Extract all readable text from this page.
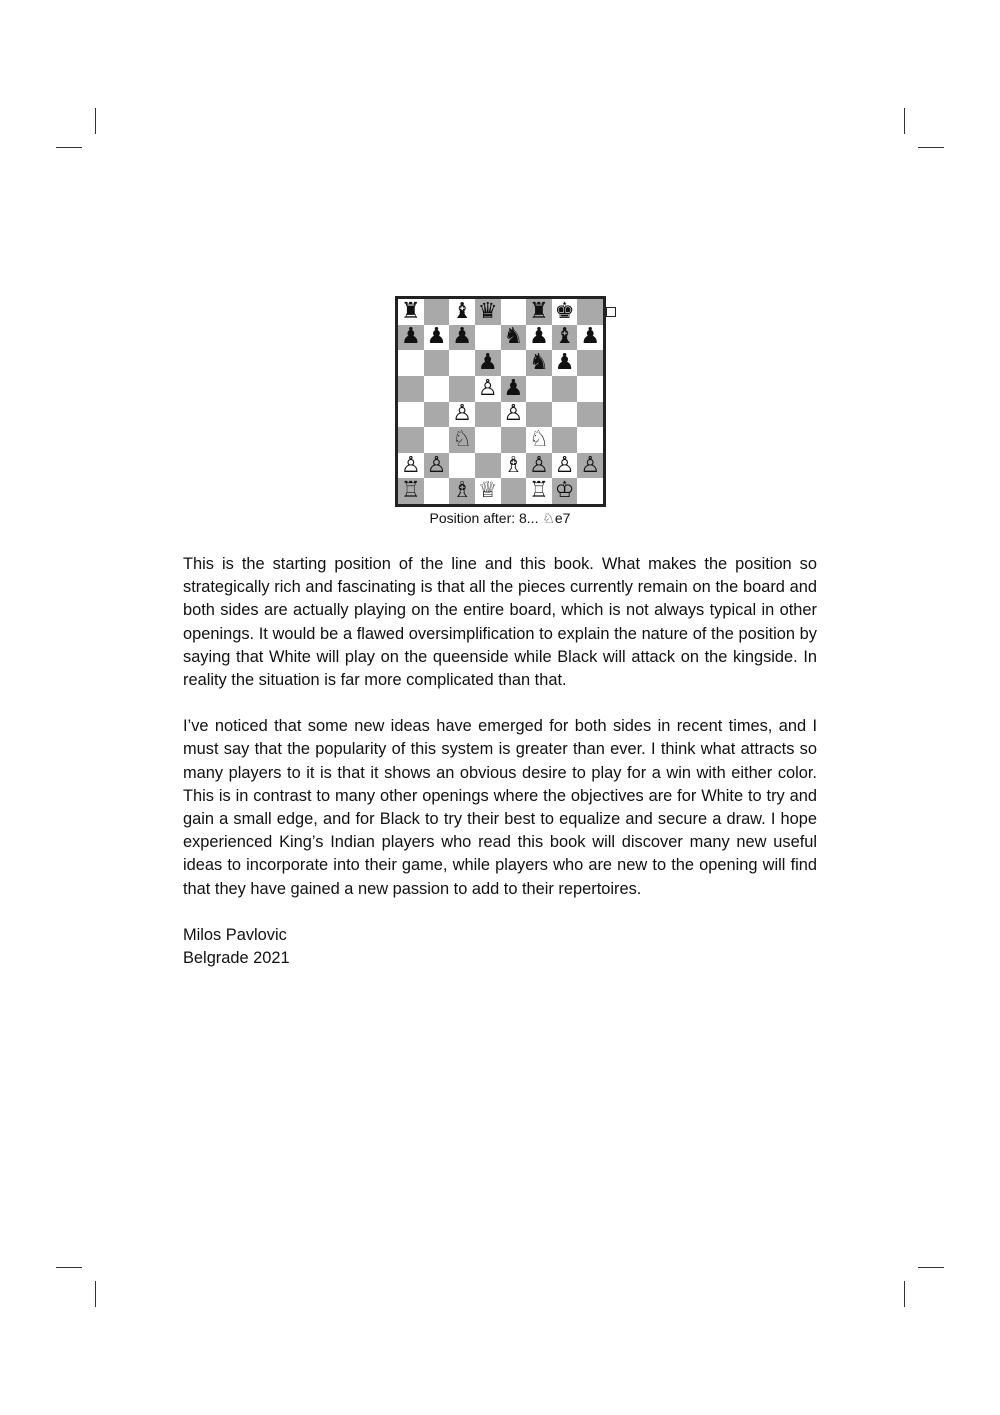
♜ ♝ ♛ ♜ ♚
♟ ♟ ♟ ♞ ♟ ♝ ♟
♟ ♞ ♟
♙ ♟
♙ ♙
♘	♘
♙ ♙	♗ ♙ ♙ ♙
♖ ♗ ♕ ♖ ♔
Position after: 8... ♘e7

This is the starting position of the line and this book. What makes the position so strategically rich and fascinating is that all the pieces currently remain on the board and both sides are actually playing on the entire board, which is not always typical in other openings. It would be a flawed oversimplification to explain the nature of the position by saying that White will play on the queenside while Black will attack on the kingside. In reality the situation is far more complicated than that.

I’ve noticed that some new ideas have emerged for both sides in recent times, and I must say that the popularity of this system is greater than ever. I think what attracts so many players to it is that it shows an obvious desire to play for a win with either color. This is in contrast to many other openings where the objectives are for White to try and gain a small edge, and for Black to try their best to equalize and secure a draw. I hope experienced King’s Indian players who read this book will discover many new useful ideas to incorporate into their game, while players who are new to the opening will find that they have gained a new passion to add to their repertoires.

Milos Pavlovic

Belgrade 2021
